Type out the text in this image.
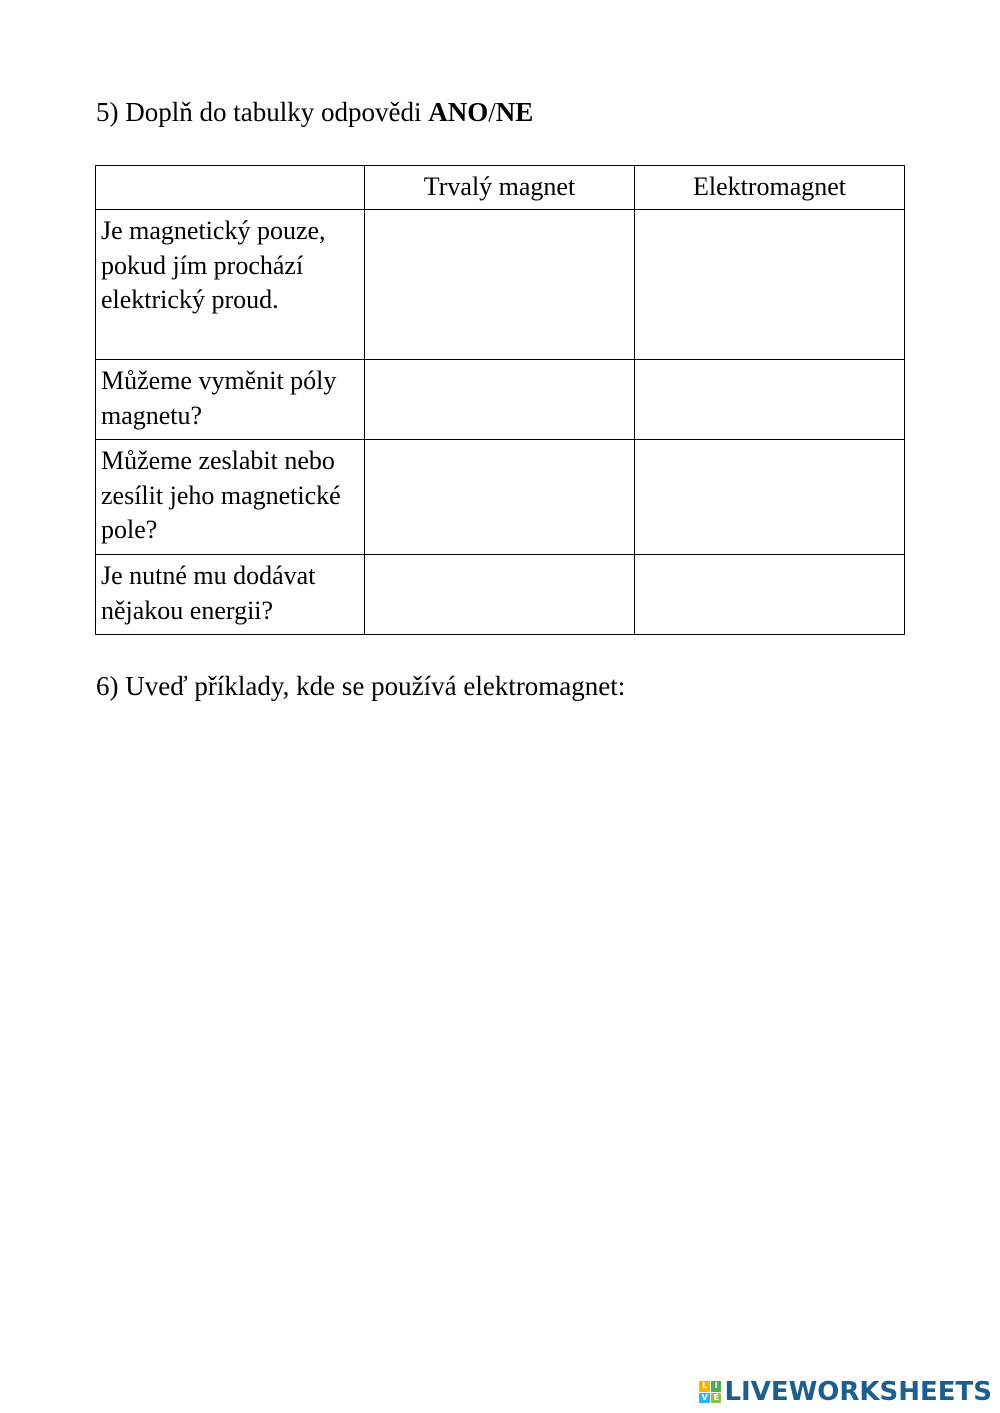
5) Doplň do tabulky odpovědi ANO/NE
	Trvalý magnet	Elektromagnet
Je magnetický pouze, pokud jím prochází elektrický proud.		
Můžeme vyměnit póly magnetu?		
Můžeme zeslabit nebo zesílit jeho magnetické pole?		
Je nutné mu dodávat nějakou energii?		
6) Uveď příklady, kde se používá elektromagnet:
L I
V E LIVEWORKSHEETS
